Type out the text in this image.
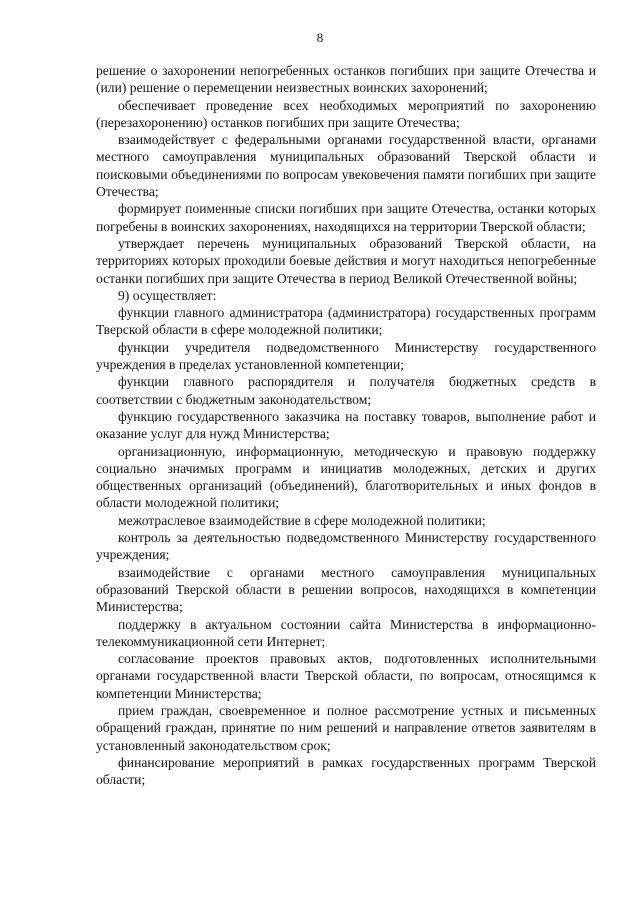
8

решение о захоронении непогребенных останков погибших при защите Отечества и (или) решение о перемещении неизвестных воинских захоронений;

обеспечивает проведение всех необходимых мероприятий по захоронению (перезахоронению) останков погибших при защите Отечества;

взаимодействует с федеральными органами государственной власти, органами местного самоуправления муниципальных образований Тверской области и поисковыми объединениями по вопросам увековечения памяти погибших при защите Отечества;

формирует поименные списки погибших при защите Отечества, останки которых погребены в воинских захоронениях, находящихся на территории Тверской области;

утверждает перечень муниципальных образований Тверской области, на территориях которых проходили боевые действия и могут находиться непогребенные останки погибших при защите Отечества в период Великой Отечественной войны;

9) осуществляет:

функции главного администратора (администратора) государственных программ Тверской области в сфере молодежной политики;

функции учредителя подведомственного Министерству государственного учреждения в пределах установленной компетенции;

функции главного распорядителя и получателя бюджетных средств в соответствии с бюджетным законодательством;

функцию государственного заказчика на поставку товаров, выполнение работ и оказание услуг для нужд Министерства;

организационную, информационную, методическую и правовую поддержку социально значимых программ и инициатив молодежных, детских и других общественных организаций (объединений), благотворительных и иных фондов в области молодежной политики;

межотраслевое взаимодействие в сфере молодежной политики;

контроль за деятельностью подведомственного Министерству государственного учреждения;

взаимодействие с органами местного самоуправления муниципальных образований Тверской области в решении вопросов, находящихся в компетенции Министерства;

поддержку в актуальном состоянии сайта Министерства в информационно-телекоммуникационной сети Интернет;

согласование проектов правовых актов, подготовленных исполнительными органами государственной власти Тверской области, по вопросам, относящимся к компетенции Министерства;

прием граждан, своевременное и полное рассмотрение устных и письменных обращений граждан, принятие по ним решений и направление ответов заявителям в установленный законодательством срок;

финансирование мероприятий в рамках государственных программ Тверской области;
